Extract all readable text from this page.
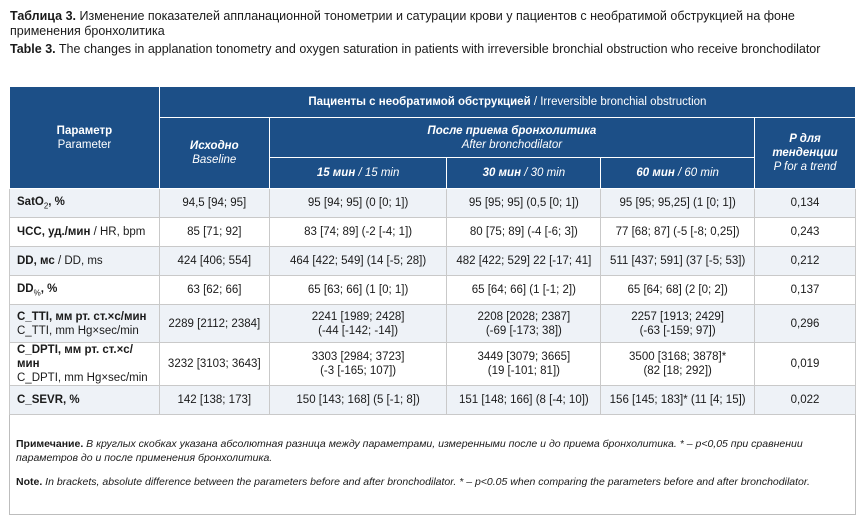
Таблица 3. Изменение показателей аппланационной тонометрии и сатурации крови у пациентов с необратимой обструкцией на фоне применения бронхолитика
Table 3. The changes in applanation tonometry and oxygen saturation in patients with irreversible bronchial obstruction who receive bronchodilator
Параметр
Parameter	Пациенты с необратимой обструкцией / Irreversible bronchial obstruction				
	Исходно
Baseline	После приема бронхолитика
After bronchodilator			P для тенденции
P for a trend
		15 мин / 15 min	30 мин / 30 min	60 мин / 60 min	
SatO$_2$, %	94,5 [94; 95]	95 [94; 95] (0 [0; 1])	95 [95; 95] (0,5 [0; 1])	95 [95; 95,25] (1 [0; 1])	0,134
ЧСС, уд./мин / HR, bpm	85 [71; 92]	83 [74; 89] (-2 [-4; 1])	80 [75; 89] (-4 [-6; 3])	77 [68; 87] (-5 [-8; 0,25])	0,243
DD, мс / DD, ms	424 [406; 554]	464 [422; 549] (14 [-5; 28])	482 [422; 529] 22 [-17; 41]	511 [437; 591] (37 [-5; 53])	0,212
$DD_{\%}$, %	63 [62; 66]	65 [63; 66] (1 [0; 1])	65 [64; 66] (1 [-1; 2])	65 [64; 68] (2 [0; 2])	0,137
C_TTI, мм рт. ст.×с/мин
C_TTI, mm Hg×sec/min	2289 [2112; 2384]	2241 [1989; 2428]
(-44 [-142; -14])	2208 [2028; 2387]
(-69 [-173; 38])	2257 [1913; 2429]
(-63 [-159; 97])	0,296
C_DPTI, мм рт. ст.×с/мин
C_DPTI, mm Hg×sec/min	3232 [3103; 3643]	3303 [2984; 3723]
(-3 [-165; 107])	3449 [3079; 3665]
(19 [-101; 81])	3500 [3168; 3878]*
(82 [18; 292])	0,019
C_SEVR, %	142 [138; 173]	150 [143; 168] (5 [-1; 8])	151 [148; 166] (8 [-4; 10])	156 [145; 183]* (11 [4; 15])	0,022
Примечание. В круглых скобках указана абсолютная разница между параметрами, измеренными после и до приема бронхолитика. * – p<0,05 при сравнении параметров до и после применения бронхолитика.
Note. In brackets, absolute difference between the parameters before and after bronchodilator. * – p<0.05 when comparing the parameters before and after bronchodilator.
